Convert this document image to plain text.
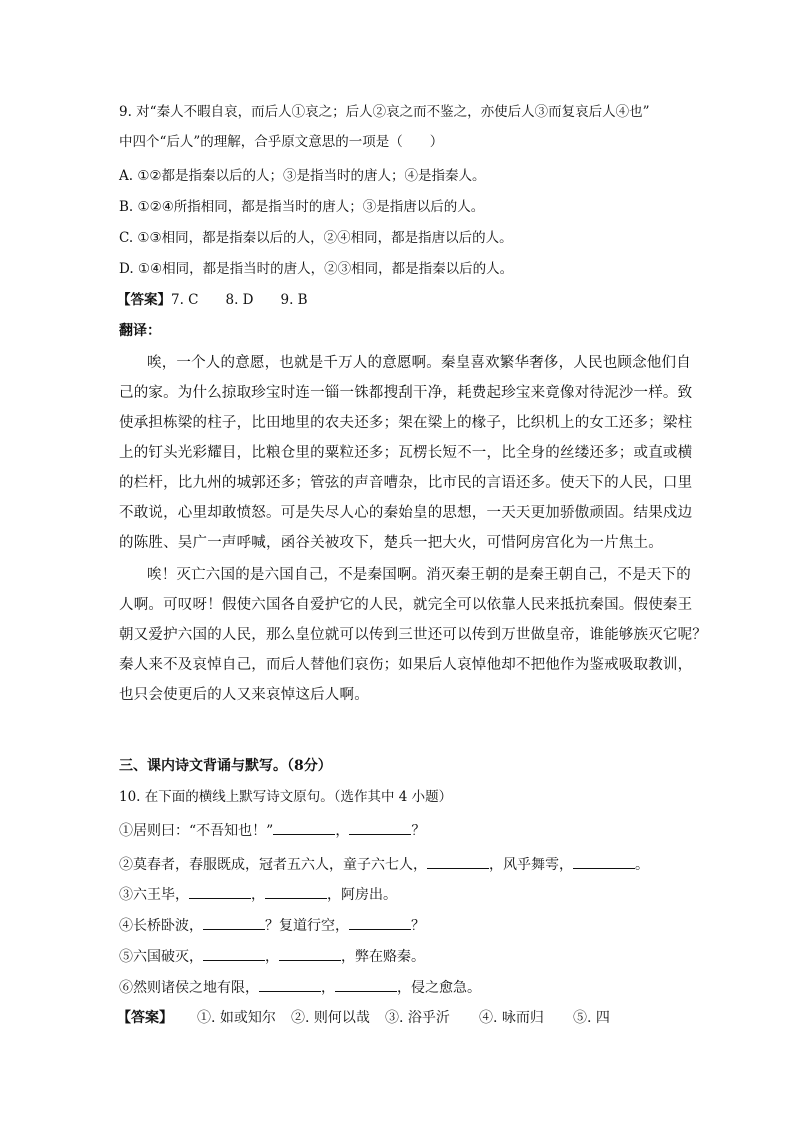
9. 对“秦人不暇自哀，而后人①哀之；后人②哀之而不鉴之，亦使后人③而复哀后人④也”
中四个“后人”的理解，合乎原文意思的一项是（　　）
A. ①②都是指秦以后的人；③是指当时的唐人；④是指秦人。
B. ①②④所指相同，都是指当时的唐人；③是指唐以后的人。
C. ①③相同，都是指秦以后的人，②④相同，都是指唐以后的人。
D. ①④相同，都是指当时的唐人，②③相同，都是指秦以后的人。
【答案】7. C　　8. D　　9. B
翻译：
唉，一个人的意愿，也就是千万人的意愿啊。秦皇喜欢繁华奢侈，人民也顾念他们自
己的家。为什么掠取珍宝时连一锱一铢都搜刮干净，耗费起珍宝来竟像对待泥沙一样。致
使承担栋梁的柱子，比田地里的农夫还多；架在梁上的椽子，比织机上的女工还多；梁柱
上的钉头光彩耀目，比粮仓里的粟粒还多；瓦楞长短不一，比全身的丝缕还多；或直或横
的栏杆，比九州的城郭还多；管弦的声音嘈杂，比市民的言语还多。使天下的人民，口里
不敢说，心里却敢愤怒。可是失尽人心的秦始皇的思想，一天天更加骄傲顽固。结果戍边
的陈胜、吴广一声呼喊，函谷关被攻下，楚兵一把大火，可惜阿房宫化为一片焦土。
唉！灭亡六国的是六国自己，不是秦国啊。消灭秦王朝的是秦王朝自己，不是天下的
人啊。可叹呀！假使六国各自爱护它的人民，就完全可以依靠人民来抵抗秦国。假使秦王
朝又爱护六国的人民，那么皇位就可以传到三世还可以传到万世做皇帝，谁能够族灭它呢？
秦人来不及哀悼自己，而后人替他们哀伤；如果后人哀悼他却不把他作为鉴戒吸取教训，
也只会使更后的人又来哀悼这后人啊。
三、课内诗文背诵与默写。（8分）
10. 在下面的横线上默写诗文原句。（选作其中 4 小题）
①居则曰：“不吾知也！”	，	？
②莫春者，春服既成，冠者五六人，童子六七人，	，风乎舞雩，	。
③六王毕，	，	，阿房出。
④长桥卧波，	？复道行空，	？
⑤六国破灭，	，	，弊在赂秦。
⑥然则诸侯之地有限，	，	，侵之愈急。
【答案】 ①. 如或知尔 ②. 则何以哉 ③. 浴乎沂 ④. 咏而归 ⑤. 四
